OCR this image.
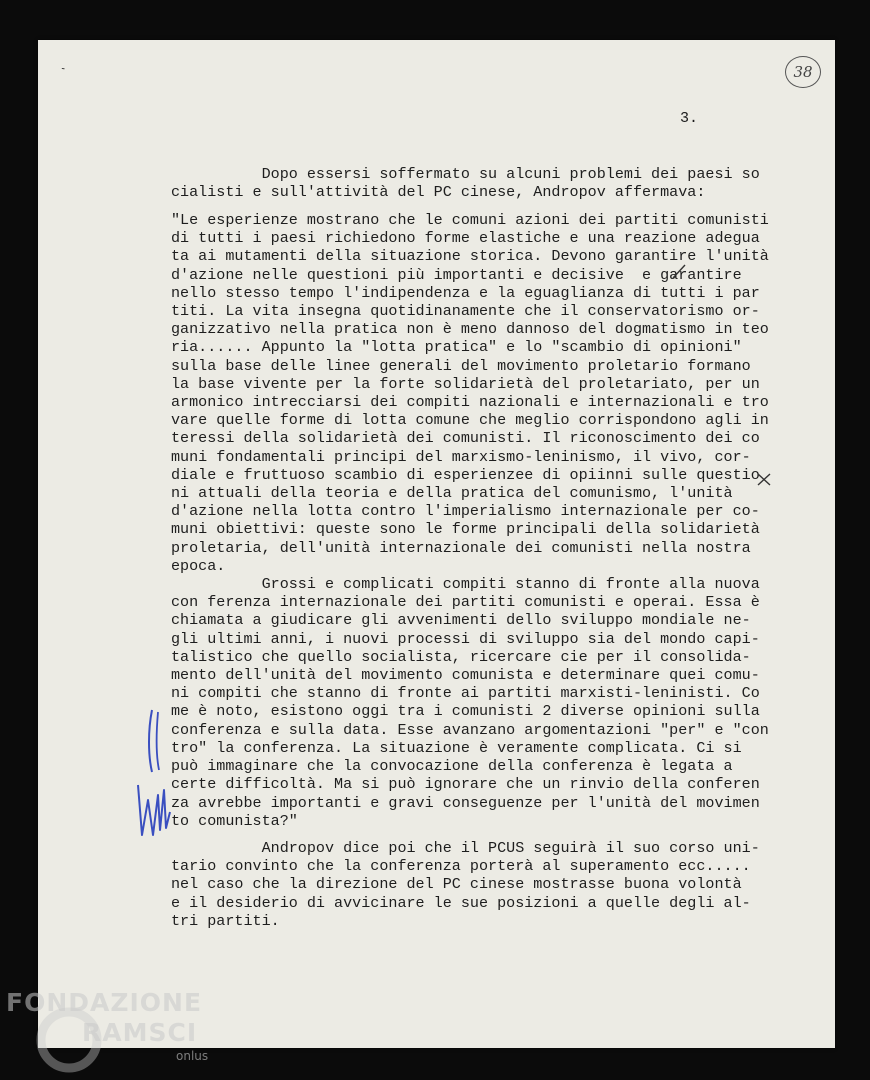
`	38
3.
Dopo essersi soffermato su alcuni problemi dei paesi so
cialisti e sull'attività del PC cinese, Andropov affermava:
"Le esperienze mostrano che le comuni azioni dei partiti comunisti
di tutti i paesi richiedono forme elastiche e una reazione adegua
ta ai mutamenti della situazione storica. Devono garantire l'unità
d'azione nelle questioni più importanti e decisive  e garantire
nello stesso tempo l'indipendenza e la eguaglianza di tutti i par
titi. La vita insegna quotidinanamente che il conservatorismo or-
ganizzativo nella pratica non è meno dannoso del dogmatismo in teo
ria...... Appunto la "lotta pratica" e lo "scambio di opinioni"
sulla base delle linee generali del movimento proletario formano
la base vivente per la forte solidarietà del proletariato, per un
armonico intrecciarsi dei compiti nazionali e internazionali e tro
vare quelle forme di lotta comune che meglio corrispondono agli in
teressi della solidarietà dei comunisti. Il riconoscimento dei co
muni fondamentali principi del marxismo-leninismo, il vivo, cor-
diale e fruttuoso scambio di esperienzee di opiinni sulle questio
ni attuali della teoria e della pratica del comunismo, l'unità
d'azione nella lotta contro l'imperialismo internazionale per co-
muni obiettivi: queste sono le forme principali della solidarietà
proletaria, dell'unità internazionale dei comunisti nella nostra
epoca.
Grossi e complicati compiti stanno di fronte alla nuova
con ferenza internazionale dei partiti comunisti e operai. Essa è
chiamata a giudicare gli avvenimenti dello sviluppo mondiale ne-
gli ultimi anni, i nuovi processi di sviluppo sia del mondo capi-
talistico che quello socialista, ricercare cie per il consolida-
mento dell'unità del movimento comunista e determinare quei comu-
ni compiti che stanno di fronte ai partiti marxisti-leninisti. Co
me è noto, esistono oggi tra i comunisti 2 diverse opinioni sulla
conferenza e sulla data. Esse avanzano argomentazioni "per" e "con
tro" la conferenza. La situazione è veramente complicata. Ci si
può immaginare che la convocazione della conferenza è legata a
certe difficoltà. Ma si può ignorare che un rinvio della conferen
za avrebbe importanti e gravi conseguenze per l'unità del movimen
to comunista?"
Andropov dice poi che il PCUS seguirà il suo corso uni-
tario convinto che la conferenza porterà al superamento ecc.....
nel caso che la direzione del PC cinese mostrasse buona volontà
e il desiderio di avvicinare le sue posizioni a quelle degli al-
tri partiti.
FONDAZIONE
RAMSCI
onlus
